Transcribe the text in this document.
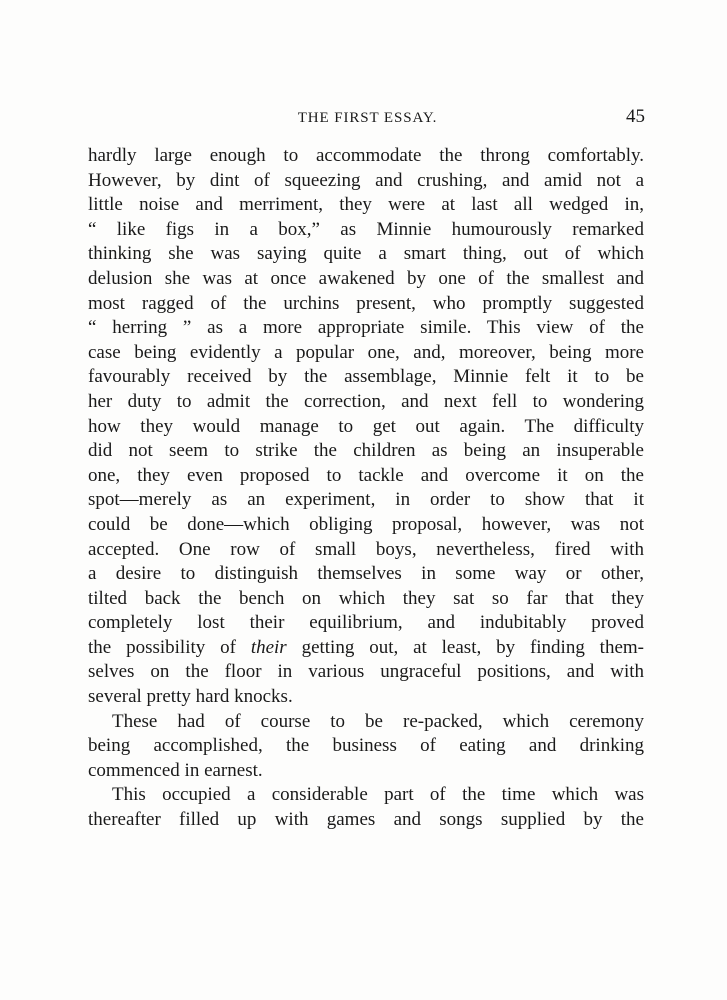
THE FIRST ESSAY.	45
hardly large enough to accommodate the throng comfortably.
However, by dint of squeezing and crushing, and amid not a
little noise and merriment, they were at last all wedged in,
“ like figs in a box,” as Minnie humourously remarked
thinking she was saying quite a smart thing, out of which
delusion she was at once awakened by one of the smallest and
most ragged of the urchins present, who promptly suggested
“ herring ” as a more appropriate simile. This view of the
case being evidently a popular one, and, moreover, being more
favourably received by the assemblage, Minnie felt it to be
her duty to admit the correction, and next fell to wondering
how they would manage to get out again. The difficulty
did not seem to strike the children as being an insuperable
one, they even proposed to tackle and overcome it on the
spot—merely as an experiment, in order to show that it
could be done—which obliging proposal, however, was not
accepted. One row of small boys, nevertheless, fired with
a desire to distinguish themselves in some way or other,
tilted back the bench on which they sat so far that they
completely lost their equilibrium, and indubitably proved
the possibility of their getting out, at least, by finding them-
selves on the floor in various ungraceful positions, and with
several pretty hard knocks.
These had of course to be re-packed, which ceremony
being accomplished, the business of eating and drinking
commenced in earnest.
This occupied a considerable part of the time which was
thereafter filled up with games and songs supplied by the
